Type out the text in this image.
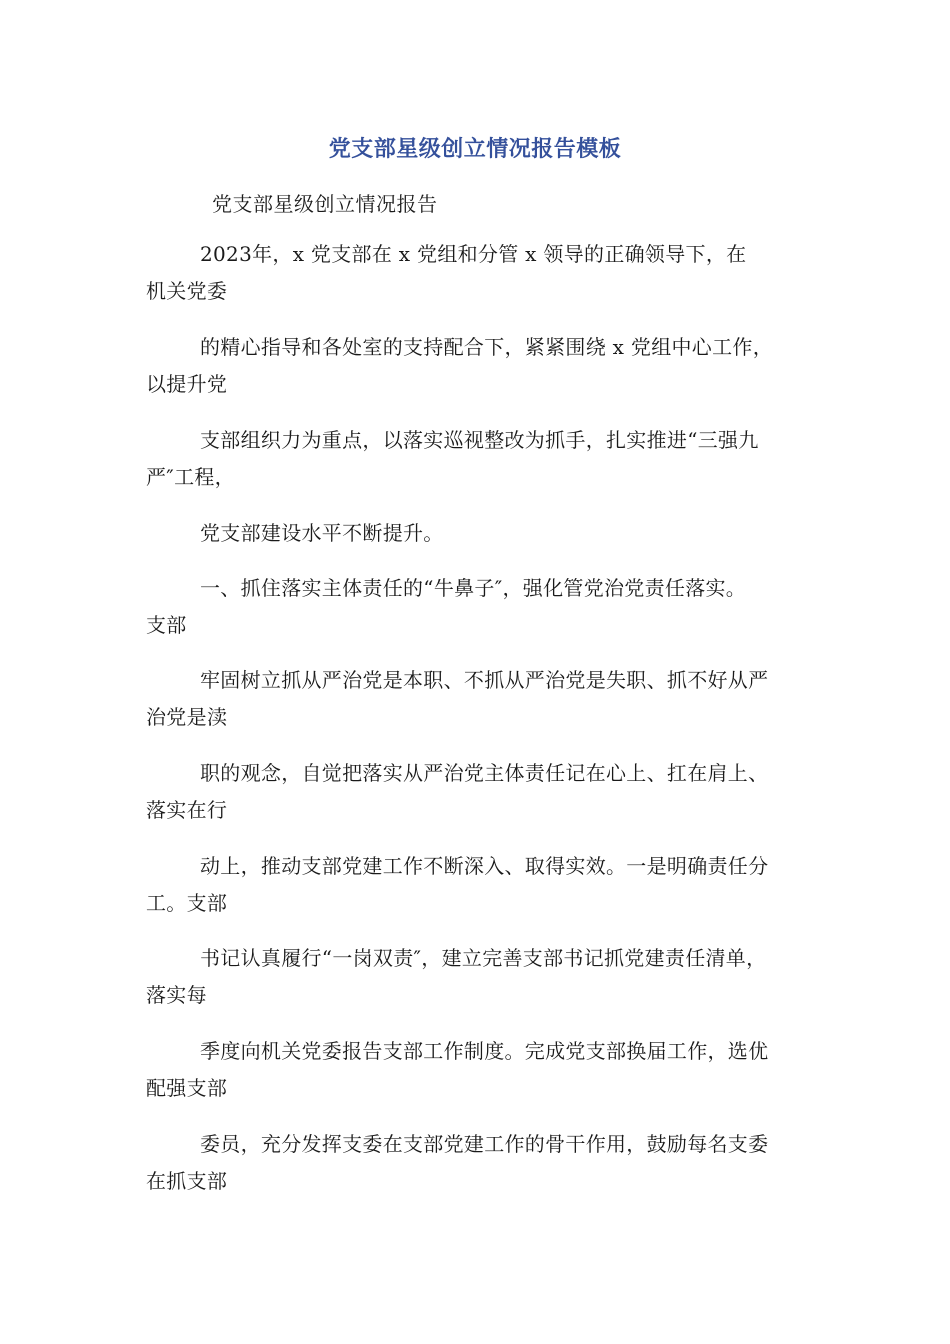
党支部星级创立情况报告模板
党支部星级创立情况报告
2023年，x 党支部在 x 党组和分管 x 领导的正确领导下，在
机关党委
的精心指导和各处室的支持配合下，紧紧围绕 x 党组中心工作，
以提升党
支部组织力为重点，以落实巡视整改为抓手，扎实推进“三强九
严″工程，
党支部建设水平不断提升。
一、抓住落实主体责任的“牛鼻子″，强化管党治党责任落实。
支部
牢固树立抓从严治党是本职、不抓从严治党是失职、抓不好从严
治党是渎
职的观念，自觉把落实从严治党主体责任记在心上、扛在肩上、
落实在行
动上，推动支部党建工作不断深入、取得实效。一是明确责任分
工。支部
书记认真履行“一岗双责″，建立完善支部书记抓党建责任清单，
落实每
季度向机关党委报告支部工作制度。完成党支部换届工作，选优
配强支部
委员，充分发挥支委在支部党建工作的骨干作用，鼓励每名支委
在抓支部
